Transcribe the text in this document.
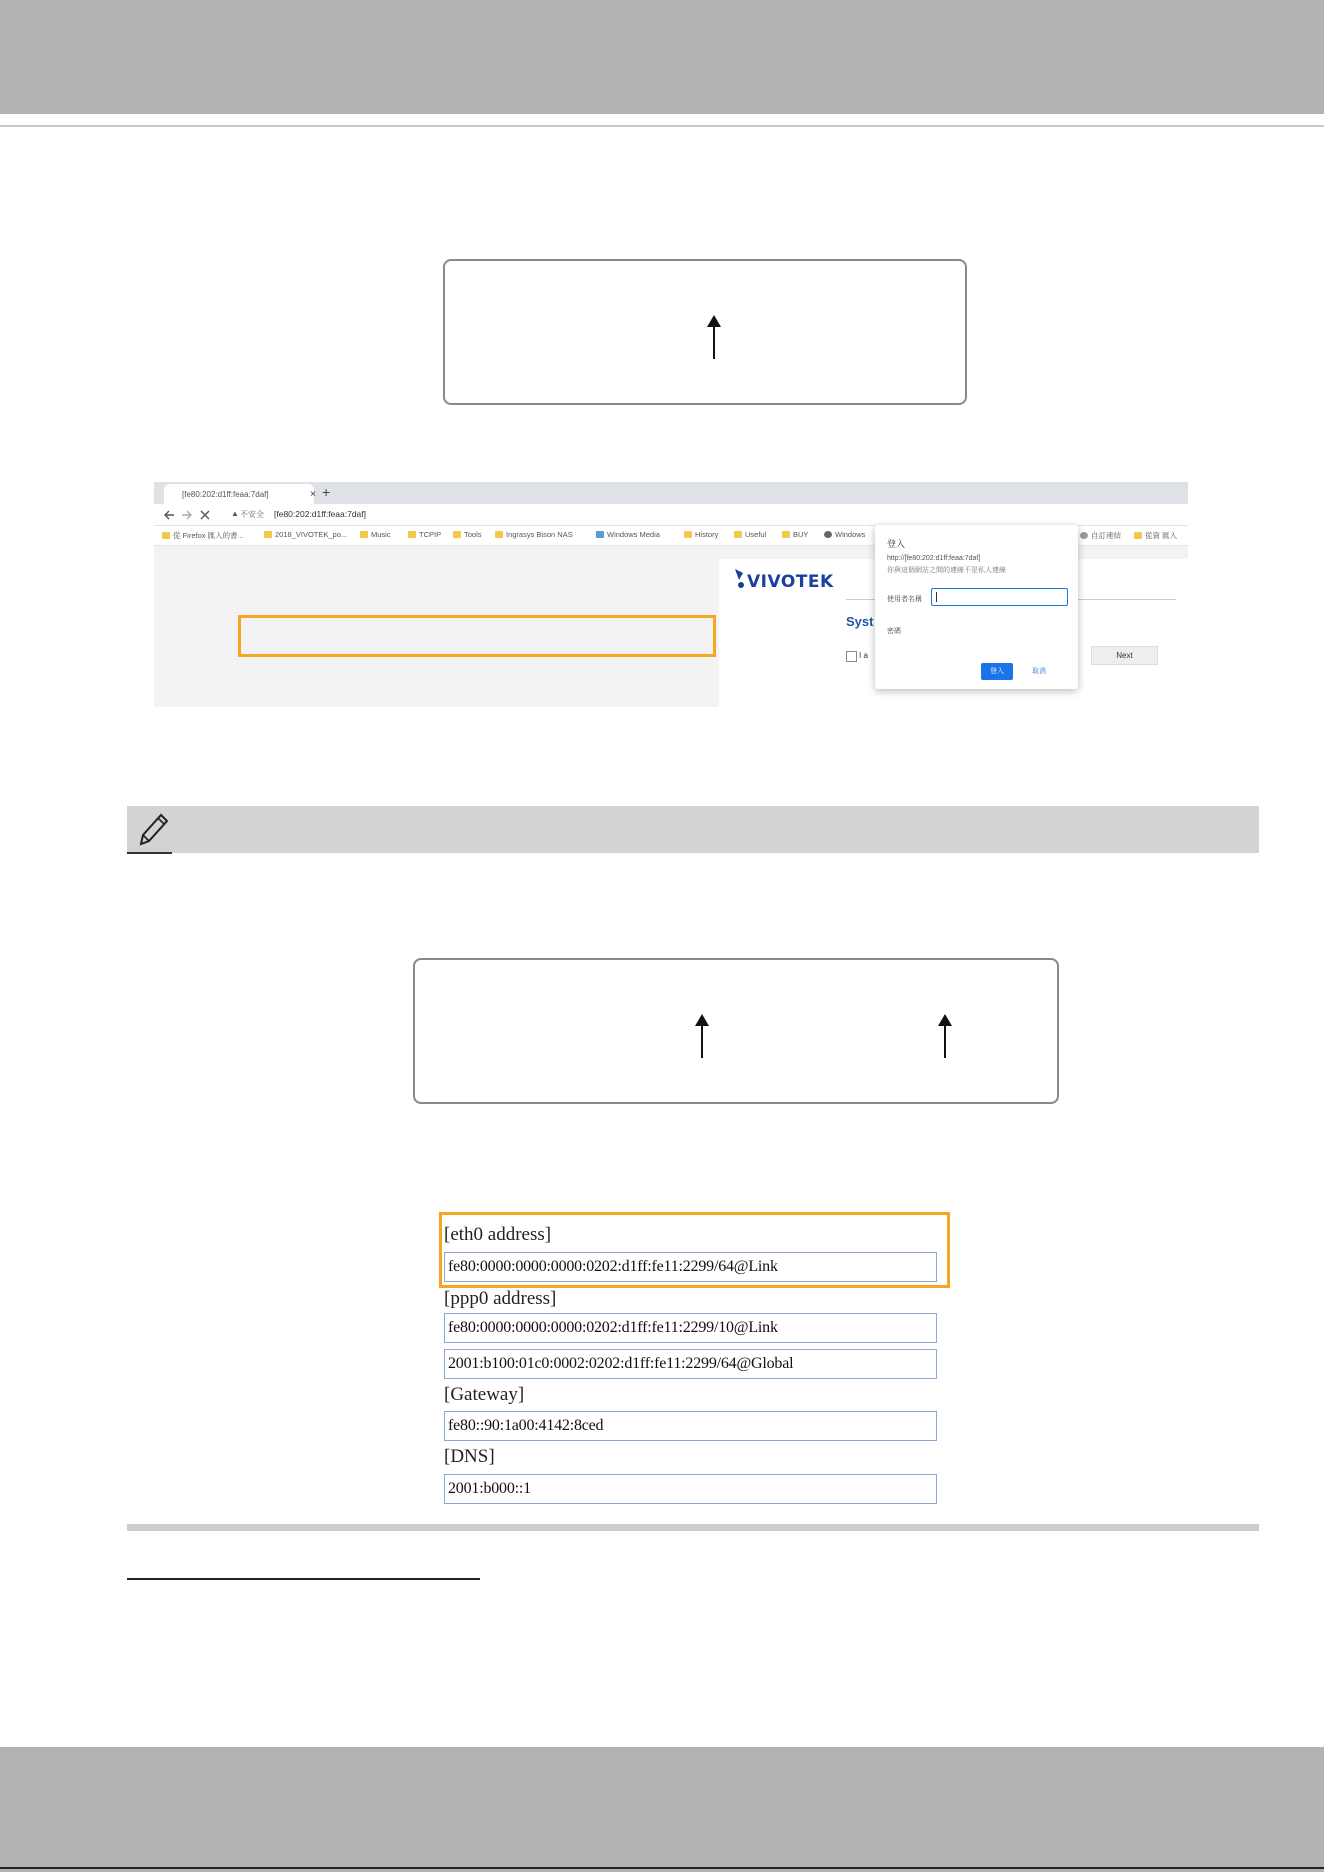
[fe80:202:d1ff:feaa:7daf]	× +
▲ 不安全 [fe80:202:d1ff:feaa:7daf]
從 Firefox 匯入的書...	2018_VIVOTEK_po...	Music	TCPIP	Tools	Ingrasys Bison NAS	Windows Media	History	Useful	BUY	Windows	自訂連結	從資 匯入
VIVOTEK
Syst
I a	Next
登入
http://[fe80:202:d1ff:feaa:7daf]
你與這個網站之間的連線不是私人連線
使用者名稱
密碼
登入	取消
[eth0 address]
fe80:0000:0000:0000:0202:d1ff:fe11:2299/64@Link
[ppp0 address]
fe80:0000:0000:0000:0202:d1ff:fe11:2299/10@Link
2001:b100:01c0:0002:0202:d1ff:fe11:2299/64@Global
[Gateway]
fe80::90:1a00:4142:8ced
[DNS]
2001:b000::1
